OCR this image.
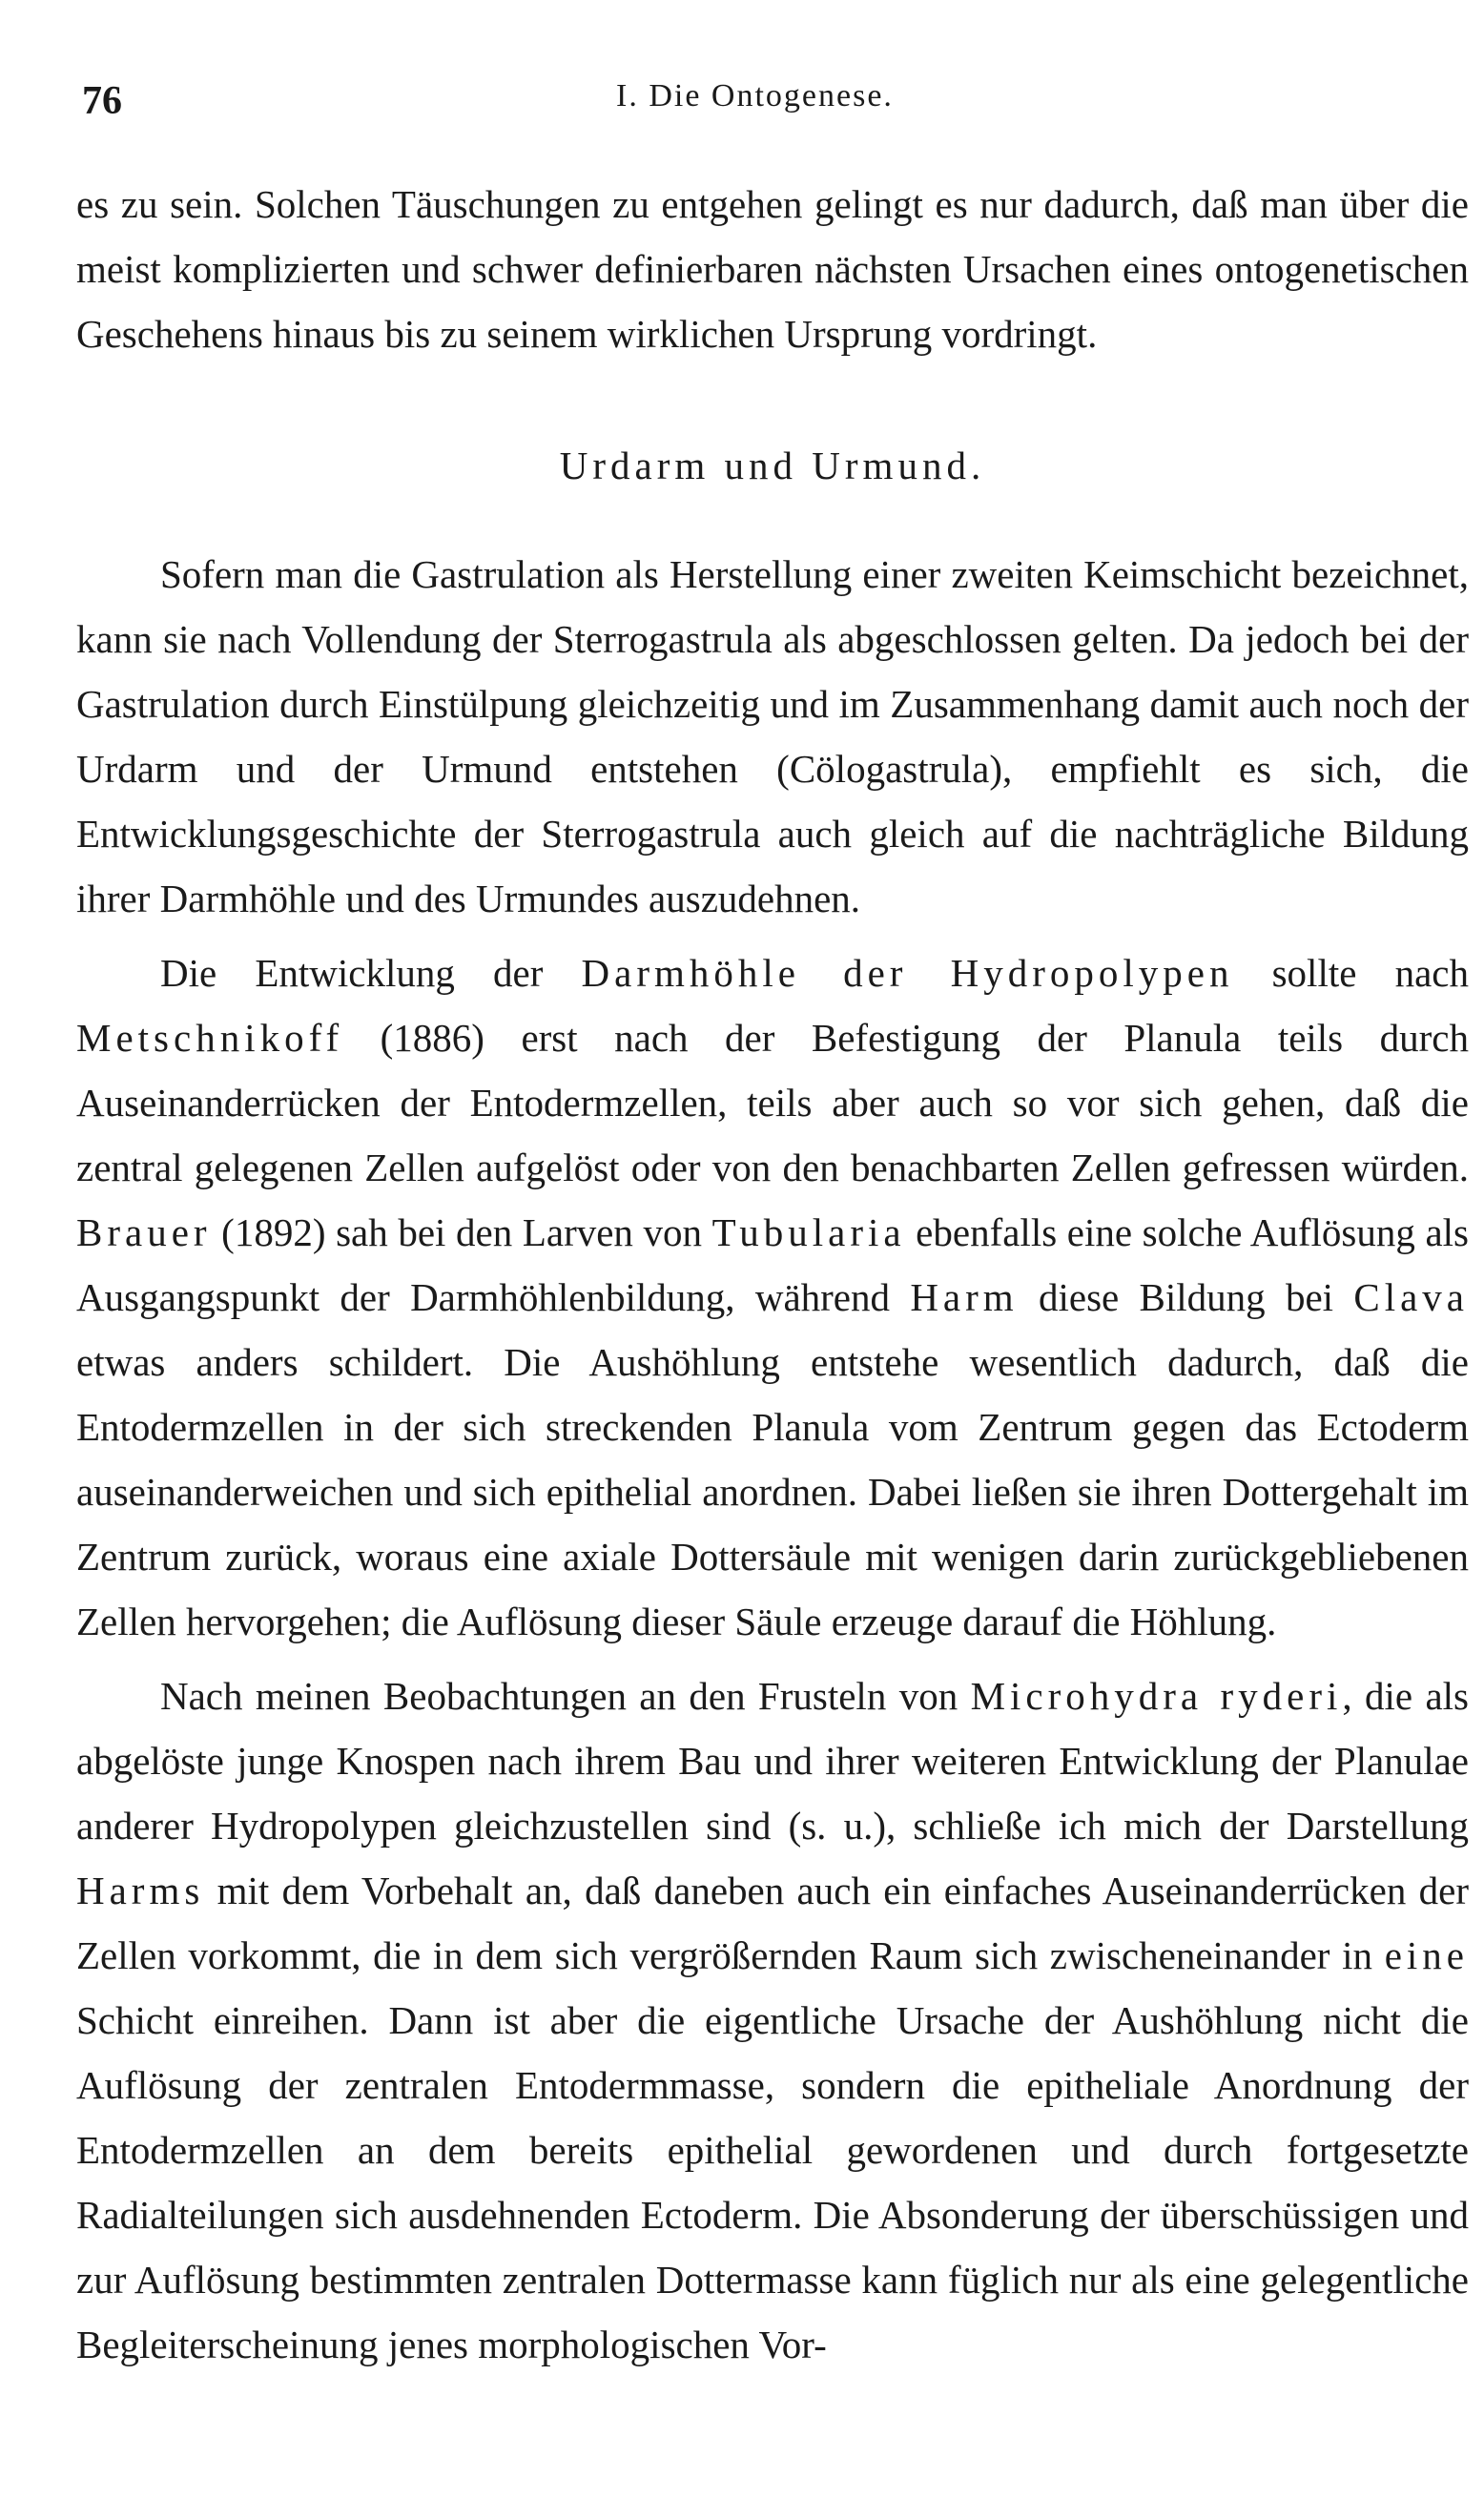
76	I. Die Ontogenese.

es zu sein. Solchen Täuschungen zu entgehen gelingt es nur dadurch, daß man über die meist komplizierten und schwer definierbaren nächsten Ursachen eines ontogenetischen Geschehens hinaus bis zu seinem wirklichen Ursprung vordringt.

Urdarm und Urmund.

Sofern man die Gastrulation als Herstellung einer zweiten Keimschicht bezeichnet, kann sie nach Vollendung der Sterrogastrula als abgeschlossen gelten. Da jedoch bei der Gastrulation durch Einstülpung gleichzeitig und im Zusammenhang damit auch noch der Urdarm und der Urmund entstehen (Cölogastrula), empfiehlt es sich, die Entwicklungsgeschichte der Sterrogastrula auch gleich auf die nachträgliche Bildung ihrer Darmhöhle und des Urmundes auszudehnen.

Die Entwicklung der Darmhöhle der Hydropolypen sollte nach Metschnikoff (1886) erst nach der Befestigung der Planula teils durch Auseinanderrücken der Entodermzellen, teils aber auch so vor sich gehen, daß die zentral gelegenen Zellen aufgelöst oder von den benachbarten Zellen gefressen würden. Brauer (1892) sah bei den Larven von Tubularia ebenfalls eine solche Auflösung als Ausgangspunkt der Darmhöhlenbildung, während Harm diese Bildung bei Clava etwas anders schildert. Die Aushöhlung entstehe wesentlich dadurch, daß die Entodermzellen in der sich streckenden Planula vom Zentrum gegen das Ectoderm auseinanderweichen und sich epithelial anordnen. Dabei ließen sie ihren Dottergehalt im Zentrum zurück, woraus eine axiale Dottersäule mit wenigen darin zurückgebliebenen Zellen hervorgehen; die Auflösung dieser Säule erzeuge darauf die Höhlung.

Nach meinen Beobachtungen an den Frusteln von Microhydra ryderi, die als abgelöste junge Knospen nach ihrem Bau und ihrer weiteren Entwicklung der Planulae anderer Hydropolypen gleichzustellen sind (s. u.), schließe ich mich der Darstellung Harms mit dem Vorbehalt an, daß daneben auch ein einfaches Auseinanderrücken der Zellen vorkommt, die in dem sich vergrößernden Raum sich zwischeneinander in eine Schicht einreihen. Dann ist aber die eigentliche Ursache der Aushöhlung nicht die Auflösung der zentralen Entodermmasse, sondern die epitheliale Anordnung der Entodermzellen an dem bereits epithelial gewordenen und durch fortgesetzte Radialteilungen sich ausdehnenden Ectoderm. Die Absonderung der überschüssigen und zur Auflösung bestimmten zentralen Dottermasse kann füglich nur als eine gelegentliche Begleiterscheinung jenes morphologischen Vor-
